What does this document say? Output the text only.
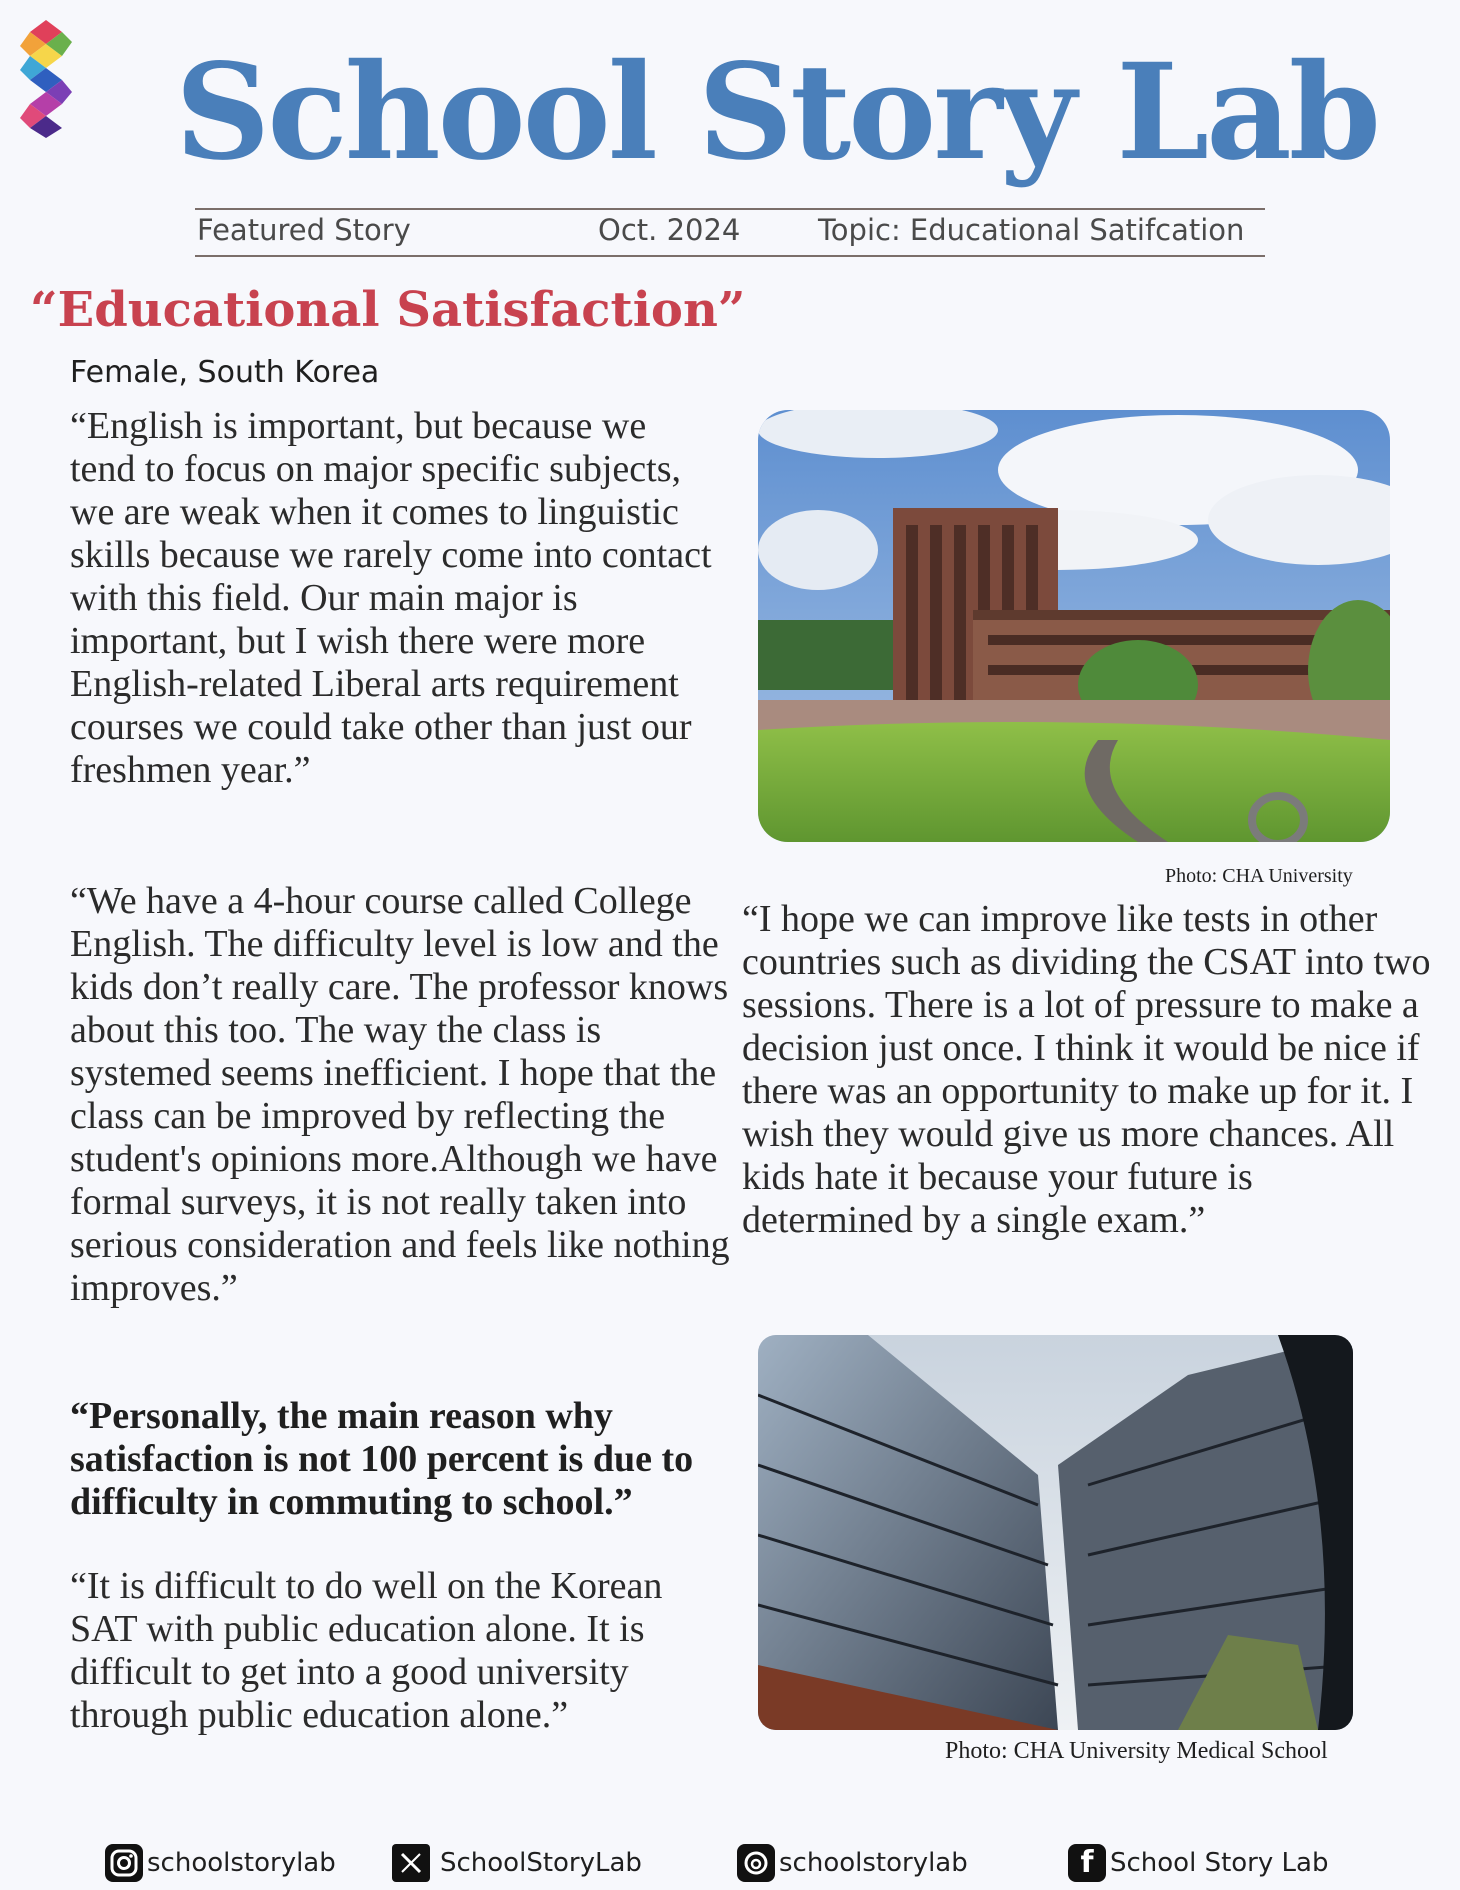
School Story Lab
Featured Story	Oct. 2024	Topic: Educational Satifcation
“Educational Satisfaction”
Female, South Korea

“English is important, but because we tend to focus on major specific subjects, we are weak when it comes to linguistic skills because we rarely come into contact with this field. Our main major is important, but I wish there were more English-related Liberal arts requirement courses we could take other than just our freshmen year.”

“We have a 4-hour course called College English. The difficulty level is low and the kids don’t really care. The professor knows about this too. The way the class is systemed seems inefficient. I hope that the class can be improved by reflecting the student's opinions more.Although we have formal surveys, it is not really taken into serious consideration and feels like nothing improves.”

“Personally, the main reason why satisfaction is not 100 percent is due to difficulty in commuting to school.”

“It is difficult to do well on the Korean SAT with public education alone. It is difficult to get into a good university through public education alone.”

Photo: CHA University

“I hope we can improve like tests in other countries such as dividing the CSAT into two sessions. There is a lot of pressure to make a decision just once. I think it would be nice if there was an opportunity to make up for it. I wish they would give us more chances. All kids hate it because your future is determined by a single exam.”

Photo: CHA University Medical School
schoolstorylab	SchoolStoryLab	schoolstorylab	f School Story Lab
